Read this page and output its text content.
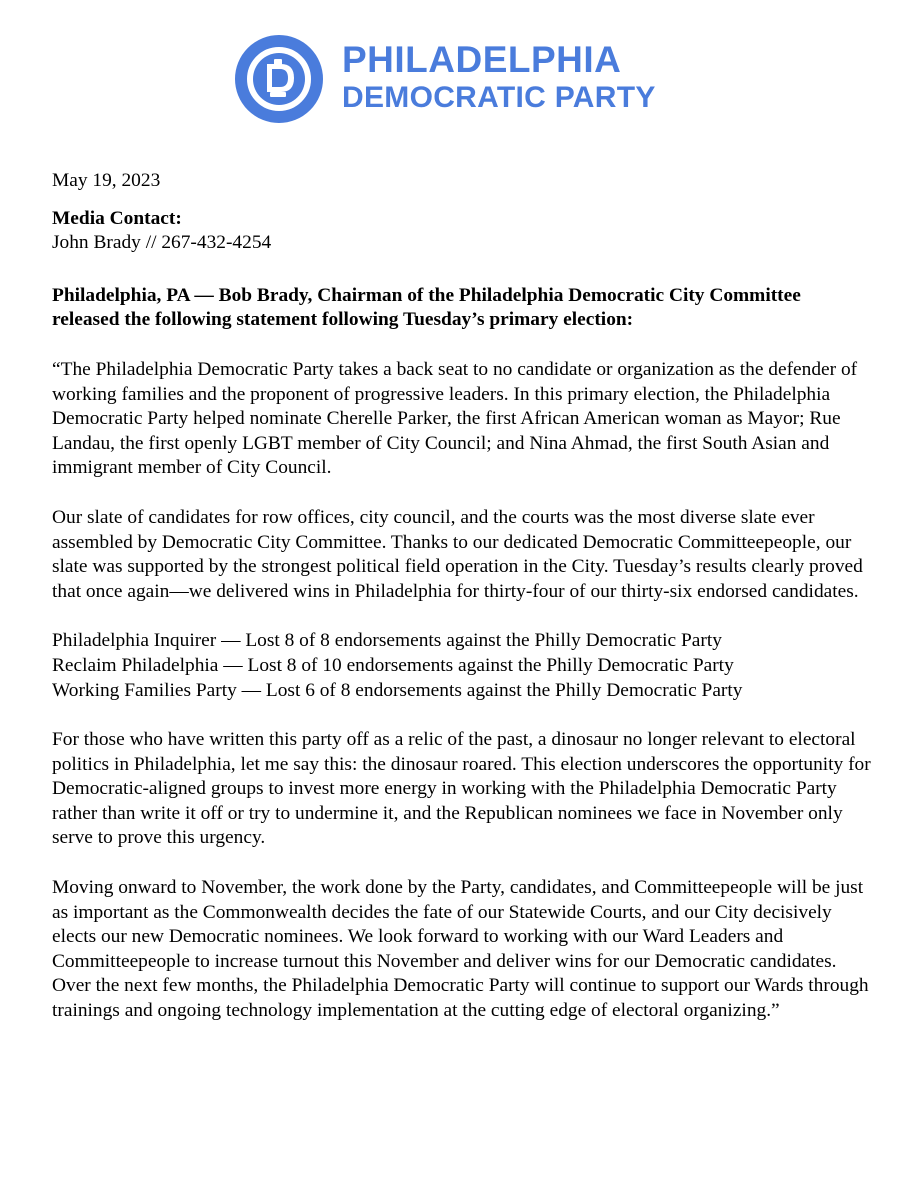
PHILADELPHIA
DEMOCRATIC PARTY

May 19, 2023

Media Contact:

John Brady // 267-432-4254

Philadelphia, PA — Bob Brady, Chairman of the Philadelphia Democratic City Committee released the following statement following Tuesday’s primary election:

“The Philadelphia Democratic Party takes a back seat to no candidate or organization as the defender of working families and the proponent of progressive leaders. In this primary election, the Philadelphia Democratic Party helped nominate Cherelle Parker, the first African American woman as Mayor; Rue Landau, the first openly LGBT member of City Council; and Nina Ahmad, the first South Asian and immigrant member of City Council.

Our slate of candidates for row offices, city council, and the courts was the most diverse slate ever assembled by Democratic City Committee. Thanks to our dedicated Democratic Committeepeople, our slate was supported by the strongest political field operation in the City. Tuesday’s results clearly proved that once again—we delivered wins in Philadelphia for thirty-four of our thirty-six endorsed candidates.

Philadelphia Inquirer — Lost 8 of 8 endorsements against the Philly Democratic Party
Reclaim Philadelphia — Lost 8 of 10 endorsements against the Philly Democratic Party
Working Families Party — Lost 6 of 8 endorsements against the Philly Democratic Party

For those who have written this party off as a relic of the past, a dinosaur no longer relevant to electoral politics in Philadelphia, let me say this: the dinosaur roared. This election underscores the opportunity for Democratic-aligned groups to invest more energy in working with the Philadelphia Democratic Party rather than write it off or try to undermine it, and the Republican nominees we face in November only serve to prove this urgency.

Moving onward to November, the work done by the Party, candidates, and Committeepeople will be just as important as the Commonwealth decides the fate of our Statewide Courts, and our City decisively elects our new Democratic nominees. We look forward to working with our Ward Leaders and Committeepeople to increase turnout this November and deliver wins for our Democratic candidates. Over the next few months, the Philadelphia Democratic Party will continue to support our Wards through trainings and ongoing technology implementation at the cutting edge of electoral organizing.”
